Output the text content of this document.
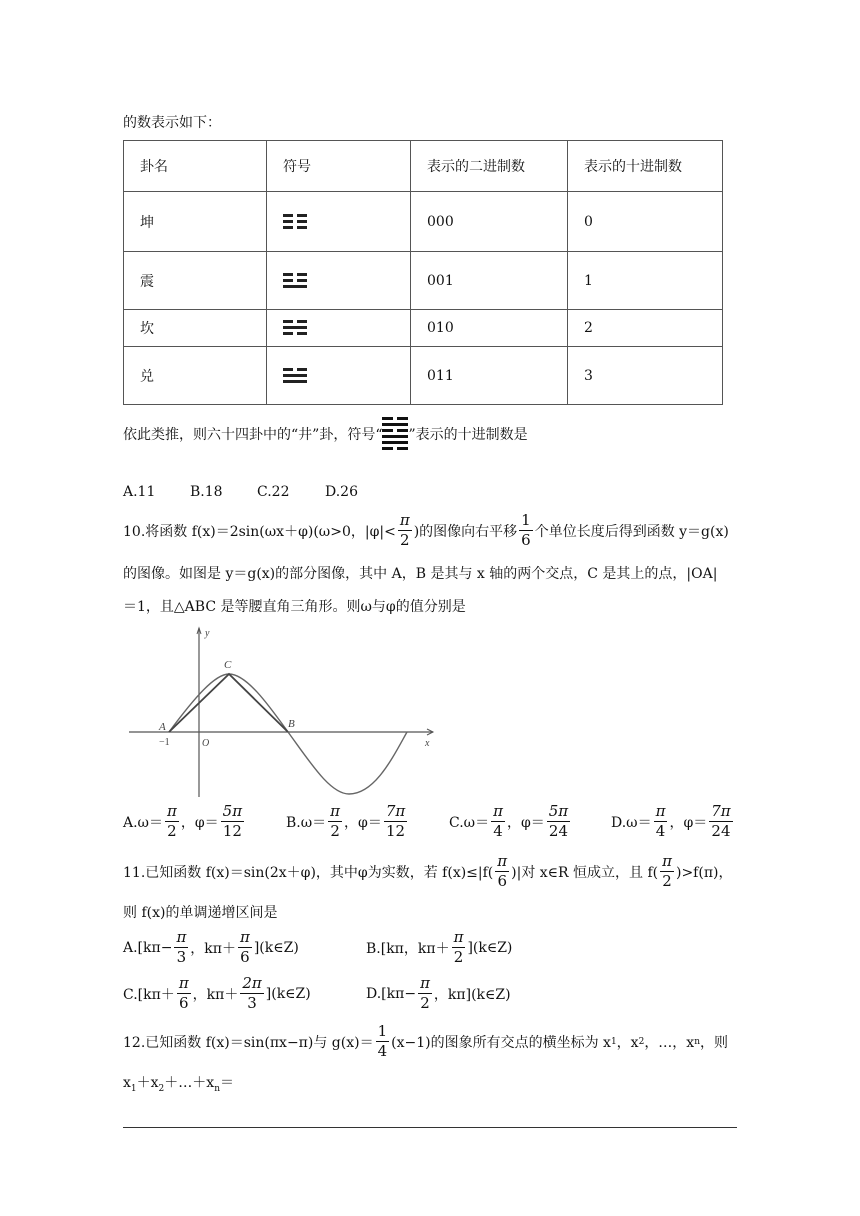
的数表示如下：
卦名	符号	表示的二进制数	表示的十进制数
坤		000	0
震		001	1
坎		010	2
兑		011	3
依此类推，则六十四卦中的“井”卦，符号“ ”表示的十进制数是
A.11 B.18 C.22	D.26
10.将函数 f(x)＝2sin(ωx＋φ)(ω>0，$|\varphi|< \frac{\pi}{2}$ )的图像向右平移 $\frac{1}{6}$ 个单位长度后得到函数 y＝g(x)
的图像。如图是 y＝g(x)的部分图像，其中 A，B 是其与 x 轴的两个交点，C 是其上的点，|OA|
＝1，且△ABC 是等腰直角三角形。则ω与φ的值分别是
y
x
A	B
C
O
−1
$A.\omega= \frac{\pi}{2}$ ，$\varphi= \frac{5\pi}{12}$	$B.\omega= \frac{\pi}{2}$ ，$\varphi= \frac{7\pi}{12}$	$C.\omega= \frac{\pi}{4}$ ，$\varphi= \frac{5\pi}{24}$	$D.\omega= \frac{\pi}{4}$ ，$\varphi= \frac{7\pi}{24}$
11.已知函数 f(x)＝sin(2x＋φ)，其中φ为实数，若 $f(x)\le|f( \frac{\pi}{6}$ )|对 x∈R 恒成立，且 $f( \frac{\pi}{2} )>f(\pi)$，
则 f(x)的单调递增区间是
$A.[k\pi- \frac{\pi}{3}$ ，$k\pi+ \frac{\pi}{6}$ ](k∈Z)	B.[kπ，$k\pi+ \frac{\pi}{2}$ ](k∈Z)
$C.[k\pi+ \frac{\pi}{6}$ ，$k\pi+ \frac{2\pi}{3}$ ](k∈Z)	$D.[k\pi- \frac{\pi}{2}$ ，kπ](k∈Z)
12.已知函数 f(x)＝sin(πx−π)与 $g(x)= \frac{1}{4} (x-1)$的图象所有交点的横坐标为 x 1 ，x 2 ，…，x n ，则
$x_1+x_2+\dots+x_n=$
